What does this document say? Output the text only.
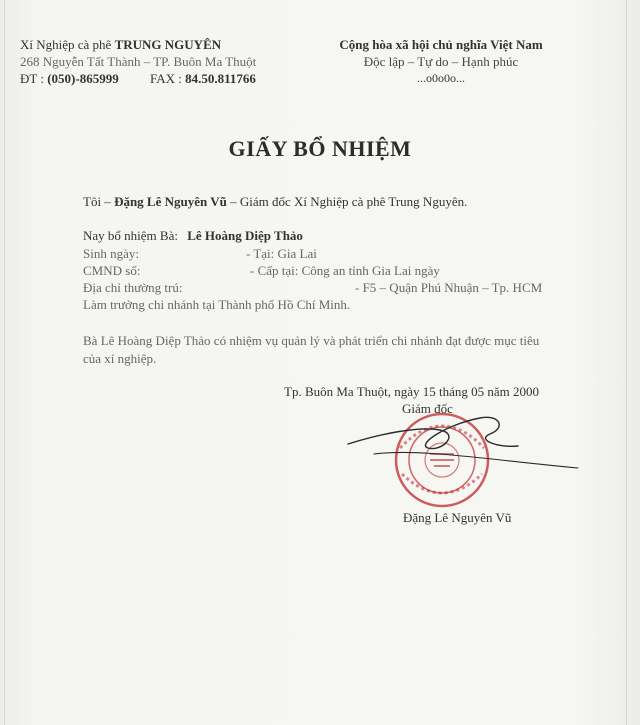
Xí Nghiệp cà phê TRUNG NGUYÊN
268 Nguyễn Tất Thành – TP. Buôn Ma Thuột
ĐT : (050)-865999 FAX : 84.50.811766
Cộng hòa xã hội chủ nghĩa Việt Nam
Độc lập – Tự do – Hạnh phúc
...o0o0o...
GIẤY BỔ NHIỆM
Tôi – Đặng Lê Nguyên Vũ – Giám đốc Xí Nghiệp cà phê Trung Nguyên.
Nay bổ nhiệm Bà: Lê Hoàng Diệp Thảo
Sinh ngày:	- Tại: Gia Lai
CMND số:	- Cấp tại: Công an tỉnh Gia Lai ngày
Địa chỉ thường trú:	- F5 – Quận Phú Nhuận – Tp. HCM
Làm trưởng chi nhánh tại Thành phố Hồ Chí Minh.
Bà Lê Hoàng Diệp Thảo có nhiệm vụ quản lý và phát triển chi nhánh đạt được mục tiêu
của xí nghiệp.
Tp. Buôn Ma Thuột, ngày 15 tháng 05 năm 2000
Giám đốc
Đặng Lê Nguyên Vũ
